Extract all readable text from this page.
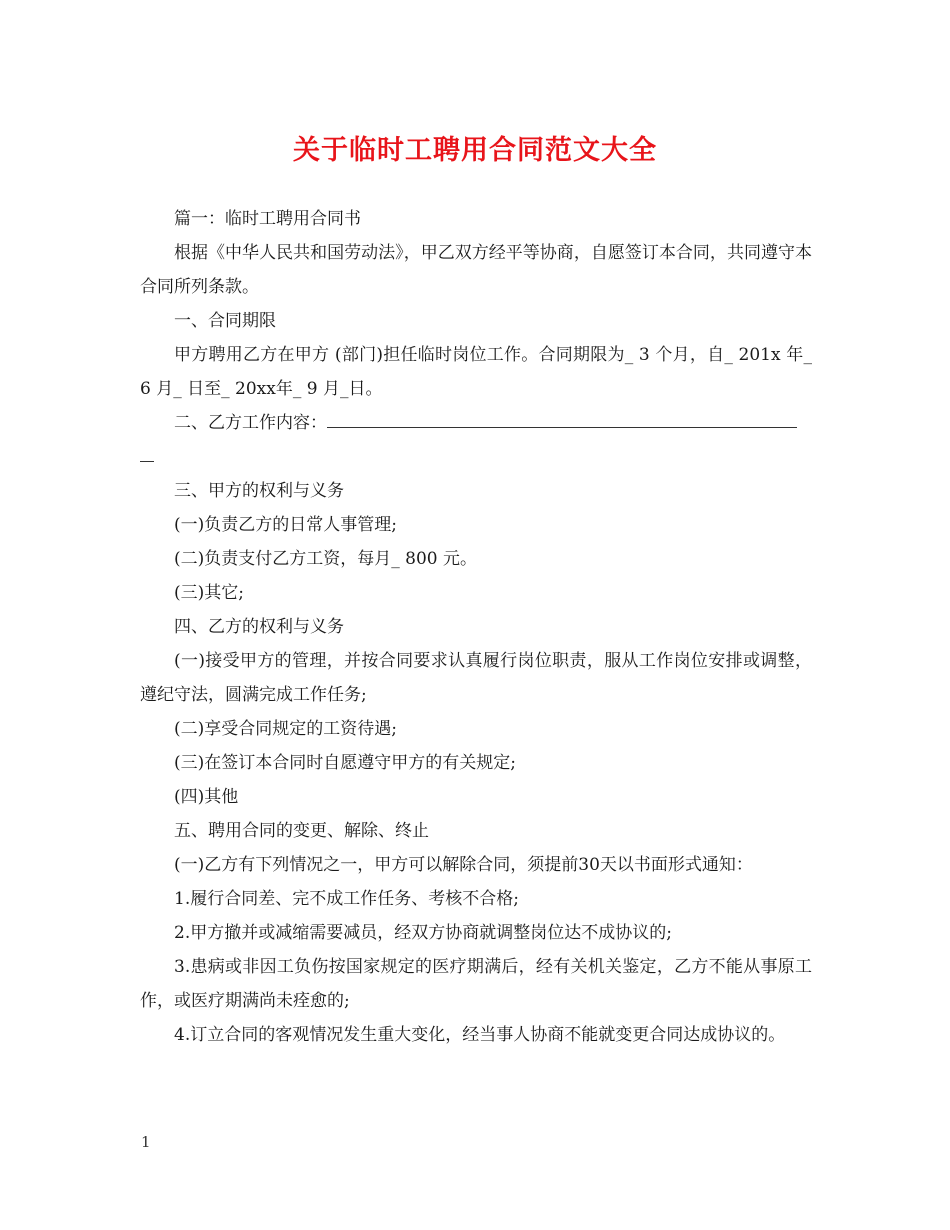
关于临时工聘用合同范文大全

篇一：临时工聘用合同书

根据《中华人民共和国劳动法》，甲乙双方经平等协商，自愿签订本合同，共同遵守本合同所列条款。

一、合同期限

甲方聘用乙方在甲方 (部门)担任临时岗位工作。合同期限为_ 3 个月，自_ 201x 年_ 6 月_ 日至_ 20xx年_ 9 月_日。

二、乙方工作内容：

三、甲方的权利与义务

(一)负责乙方的日常人事管理;

(二)负责支付乙方工资，每月_ 800 元。

(三)其它;

四、乙方的权利与义务

(一)接受甲方的管理，并按合同要求认真履行岗位职责，服从工作岗位安排或调整，遵纪守法，圆满完成工作任务;

(二)享受合同规定的工资待遇;

(三)在签订本合同时自愿遵守甲方的有关规定;

(四)其他

五、聘用合同的变更、解除、终止

(一)乙方有下列情况之一，甲方可以解除合同，须提前30天以书面形式通知：

1.履行合同差、完不成工作任务、考核不合格;

2.甲方撤并或减缩需要减员，经双方协商就调整岗位达不成协议的;

3.患病或非因工负伤按国家规定的医疗期满后，经有关机关鉴定，乙方不能从事原工作，或医疗期满尚未痊愈的;

4.订立合同的客观情况发生重大变化，经当事人协商不能就变更合同达成协议的。

1
